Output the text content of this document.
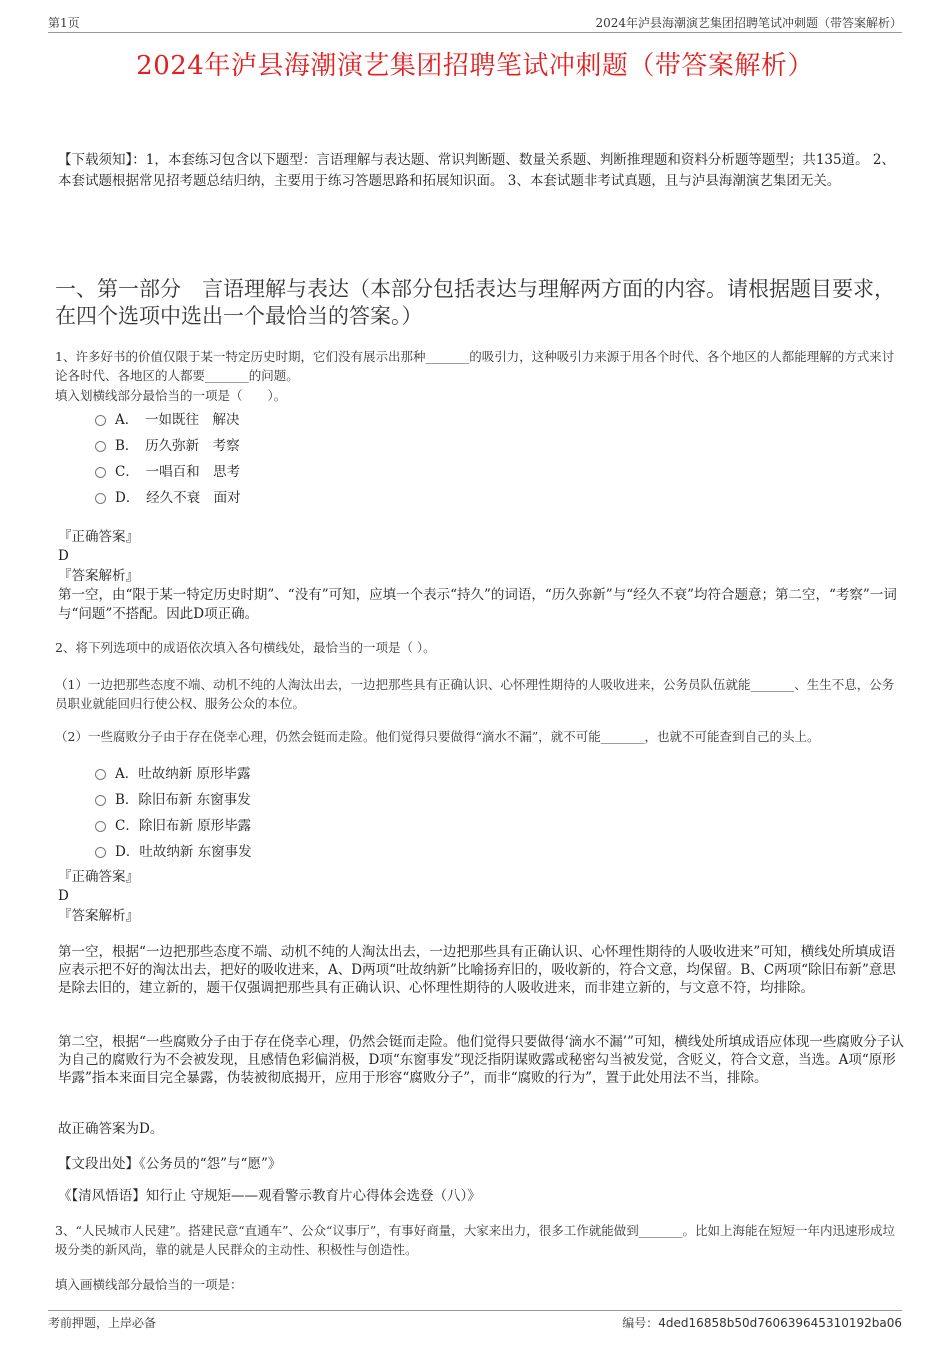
第1页	2024年泸县海潮演艺集团招聘笔试冲刺题（带答案解析）
2024年泸县海潮演艺集团招聘笔试冲刺题（带答案解析）
【下载须知】：1，本套练习包含以下题型：言语理解与表达题、常识判断题、数量关系题、判断推理题和资料分析题等题型；共135道。 2、本套试题根据常见招考题总结归纳，主要用于练习答题思路和拓展知识面。 3、本套试题非考试真题，且与泸县海潮演艺集团无关。
一、第一部分　言语理解与表达（本部分包括表达与理解两方面的内容。请根据题目要求，在四个选项中选出一个最恰当的答案。）
1、许多好书的价值仅限于某一特定历史时期，它们没有展示出那种_______的吸引力，这种吸引力来源于用各个时代、各个地区的人都能理解的方式来讨论各时代、各地区的人都要_______的问题。
填入划横线部分最恰当的一项是（　　）。
A．　一如既往　解决
B．　历久弥新　考察
C．　一唱百和　思考
D．　经久不衰　面对
『正确答案』
D
『答案解析』
第一空，由“限于某一特定历史时期”、“没有”可知，应填一个表示“持久”的词语，“历久弥新”与“经久不衰”均符合题意；第二空，“考察”一词与“问题”不搭配。因此D项正确。
2、将下列选项中的成语依次填入各句横线处，最恰当的一项是（ ）。
（1）一边把那些态度不端、动机不纯的人淘汰出去，一边把那些具有正确认识、心怀理性期待的人吸收进来，公务员队伍就能_______、生生不息，公务员职业就能回归行使公权、服务公众的本位。
（2）一些腐败分子由于存在侥幸心理，仍然会铤而走险。他们觉得只要做得“滴水不漏”，就不可能_______，也就不可能查到自己的头上。
A．吐故纳新 原形毕露
B．除旧布新 东窗事发
C．除旧布新 原形毕露
D．吐故纳新 东窗事发
『正确答案』
D
『答案解析』
第一空，根据“一边把那些态度不端、动机不纯的人淘汰出去，一边把那些具有正确认识、心怀理性期待的人吸收进来”可知，横线处所填成语应表示把不好的淘汰出去，把好的吸收进来，A、D两项“吐故纳新”比喻扬弃旧的，吸收新的，符合文意，均保留。B、C两项“除旧布新”意思是除去旧的，建立新的，题干仅强调把那些具有正确认识、心怀理性期待的人吸收进来，而非建立新的，与文意不符，均排除。
第二空，根据“一些腐败分子由于存在侥幸心理，仍然会铤而走险。他们觉得只要做得‘滴水不漏’”可知，横线处所填成语应体现一些腐败分子认为自己的腐败行为不会被发现，且感情色彩偏消极，D项“东窗事发”现泛指阴谋败露或秘密勾当被发觉，含贬义，符合文意，当选。A项“原形毕露”指本来面目完全暴露，伪装被彻底揭开，应用于形容“腐败分子”，而非“腐败的行为”，置于此处用法不当，排除。
故正确答案为D。
【文段出处】《公务员的“怨”与“愿”》
《【清风悟语】知行止 守规矩——观看警示教育片心得体会选登（八）》
3、“人民城市人民建”。搭建民意“直通车”、公众“议事厅”，有事好商量，大家来出力，很多工作就能做到_______。比如上海能在短短一年内迅速形成垃圾分类的新风尚，靠的就是人民群众的主动性、积极性与创造性。
填入画横线部分最恰当的一项是：
考前押题，上岸必备	编号：4ded16858b50d760639645310192ba06
